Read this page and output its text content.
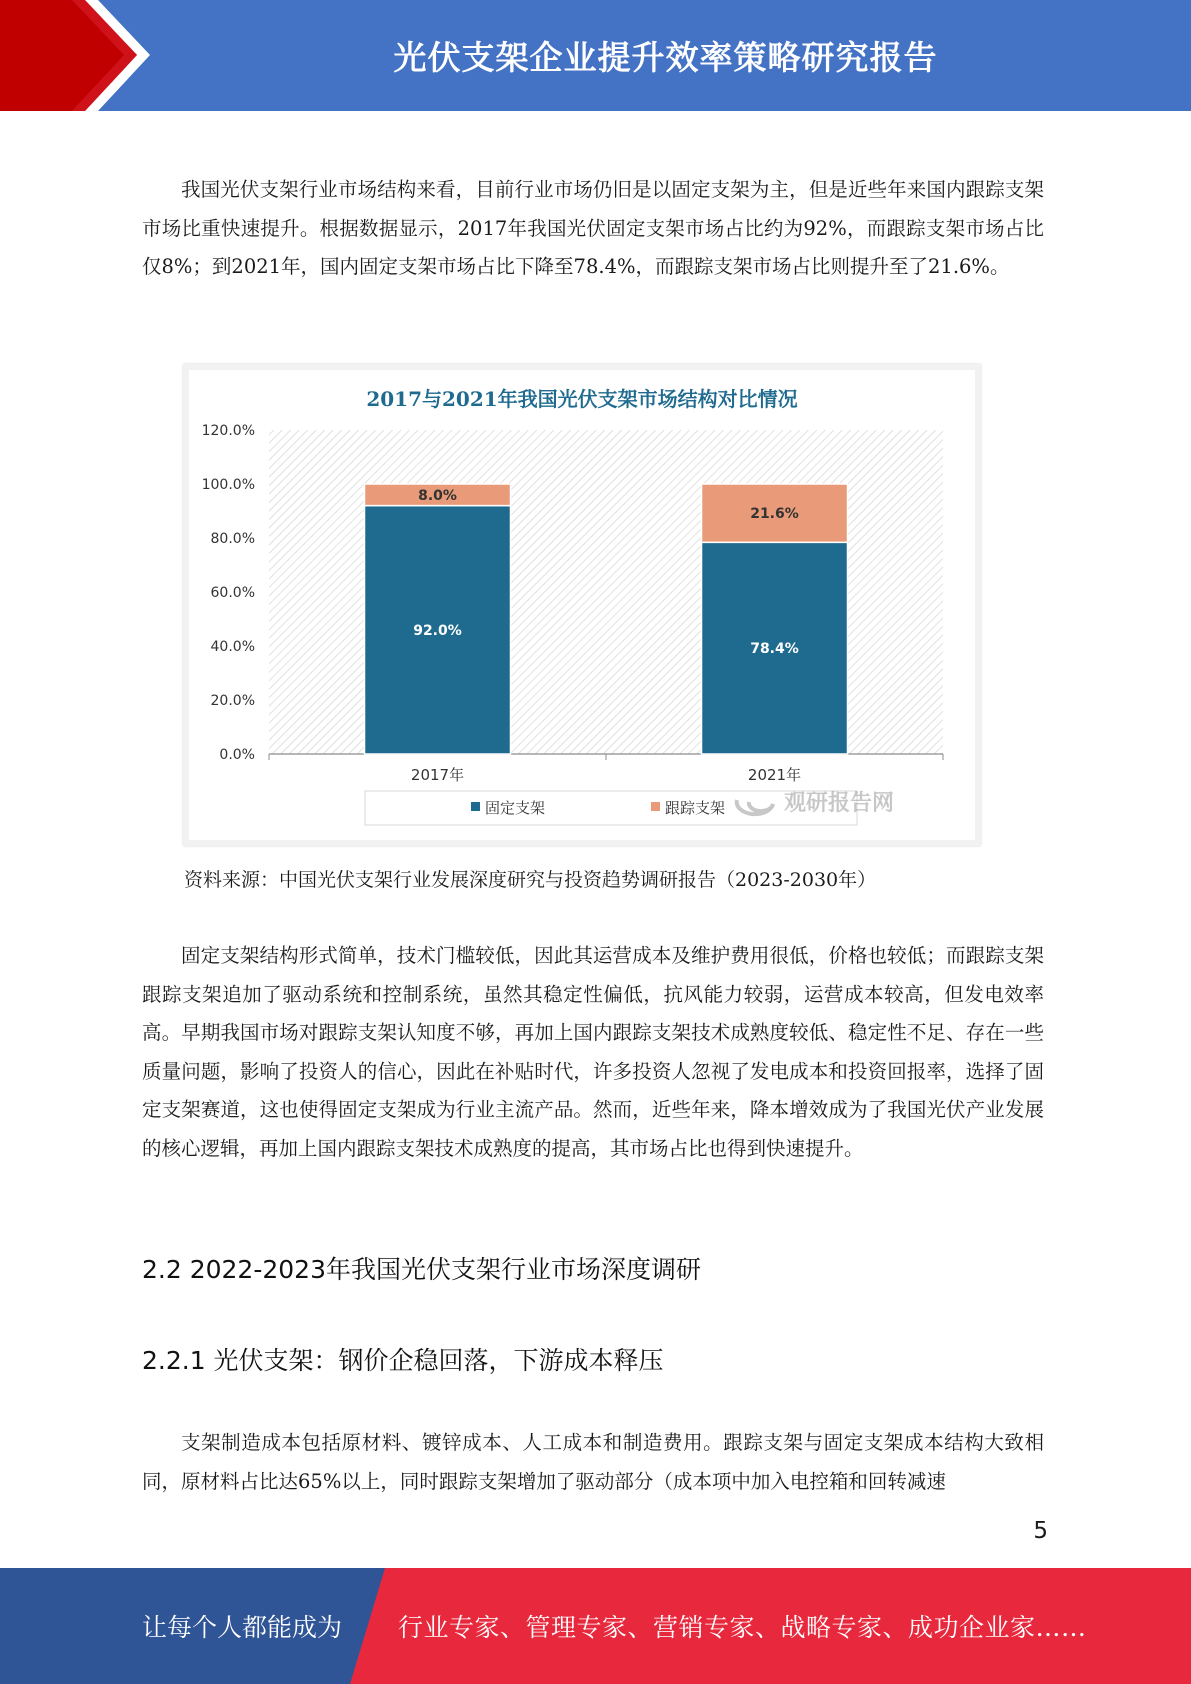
光伏支架企业提升效率策略研究报告

我国光伏支架行业市场结构来看，目前行业市场仍旧是以固定支架为主，但是近些年来国内跟踪支架市场比重快速提升。根据数据显示，2017年我国光伏固定支架市场占比约为92%，而跟踪支架市场占比仅8%；到2021年，国内固定支架市场占比下降至78.4%，而跟踪支架市场占比则提升至了21.6%。

2017与2021年我国光伏支架市场结构对比情况
0.0%
20.0%
40.0%
60.0%
80.0%
100.0%
120.0%
92.0%
8.0%
2017年
78.4%
21.6%
2021年
固定支架	跟踪支架	观研报告网

资料来源：中国光伏支架行业发展深度研究与投资趋势调研报告（2023-2030年）

固定支架结构形式简单，技术门槛较低，因此其运营成本及维护费用很低，价格也较低；而跟踪支架跟踪支架追加了驱动系统和控制系统，虽然其稳定性偏低，抗风能力较弱，运营成本较高，但发电效率高。早期我国市场对跟踪支架认知度不够，再加上国内跟踪支架技术成熟度较低、稳定性不足、存在一些质量问题，影响了投资人的信心，因此在补贴时代，许多投资人忽视了发电成本和投资回报率，选择了固定支架赛道，这也使得固定支架成为行业主流产品。然而，近些年来，降本增效成为了我国光伏产业发展的核心逻辑，再加上国内跟踪支架技术成熟度的提高，其市场占比也得到快速提升。

2.2 2022-2023年我国光伏支架行业市场深度调研
2.2.1 光伏支架：钢价企稳回落，下游成本释压

支架制造成本包括原材料、镀锌成本、人工成本和制造费用。跟踪支架与固定支架成本结构大致相同，原材料占比达65%以上，同时跟踪支架增加了驱动部分（成本项中加入电控箱和回转减速

5
让每个人都能成为 行业专家、管理专家、营销专家、战略专家、成功企业家……
